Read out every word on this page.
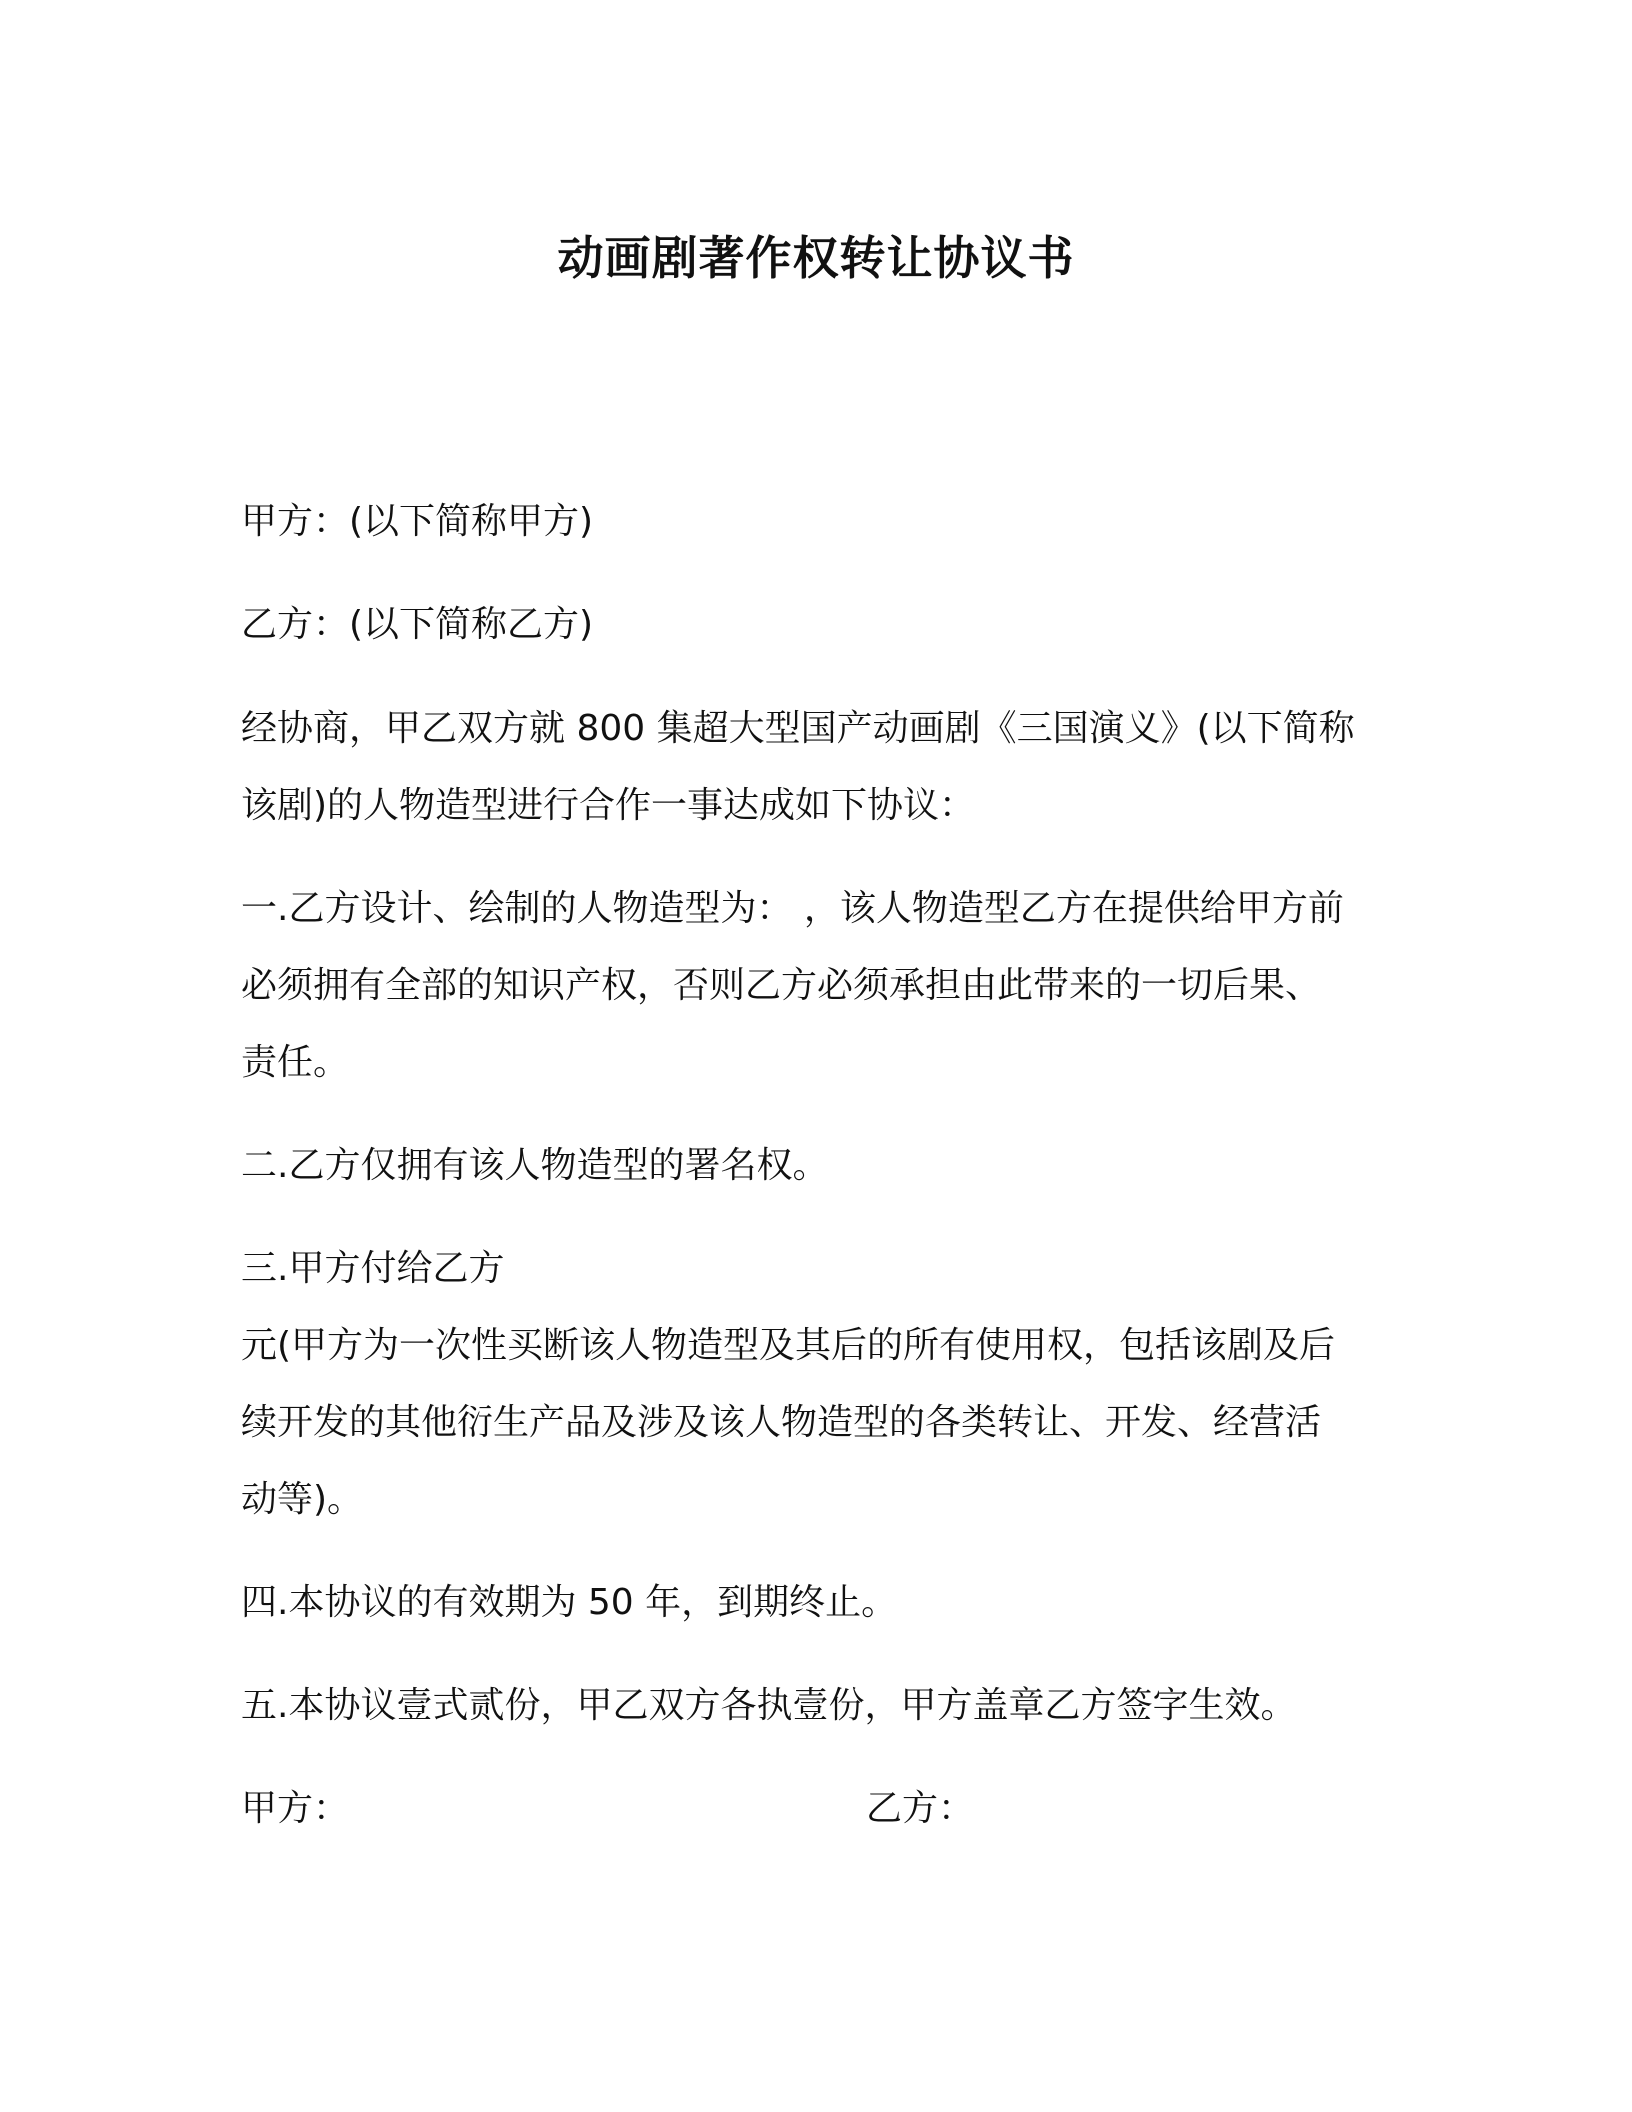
动画剧著作权转让协议书

甲方：(以下简称甲方)

乙方：(以下简称乙方)

经协商，甲乙双方就 800 集超大型国产动画剧《三国演义》(以下简称

该剧)的人物造型进行合作一事达成如下协议：

一.乙方设计、绘制的人物造型为： ，该人物造型乙方在提供给甲方前

必须拥有全部的知识产权，否则乙方必须承担由此带来的一切后果、

责任。

二.乙方仅拥有该人物造型的署名权。

三.甲方付给乙方

元(甲方为一次性买断该人物造型及其后的所有使用权，包括该剧及后

续开发的其他衍生产品及涉及该人物造型的各类转让、开发、经营活

动等)。

四.本协议的有效期为 50 年，到期终止。

五.本协议壹式贰份，甲乙双方各执壹份，甲方盖章乙方签字生效。

甲方：	乙方：
